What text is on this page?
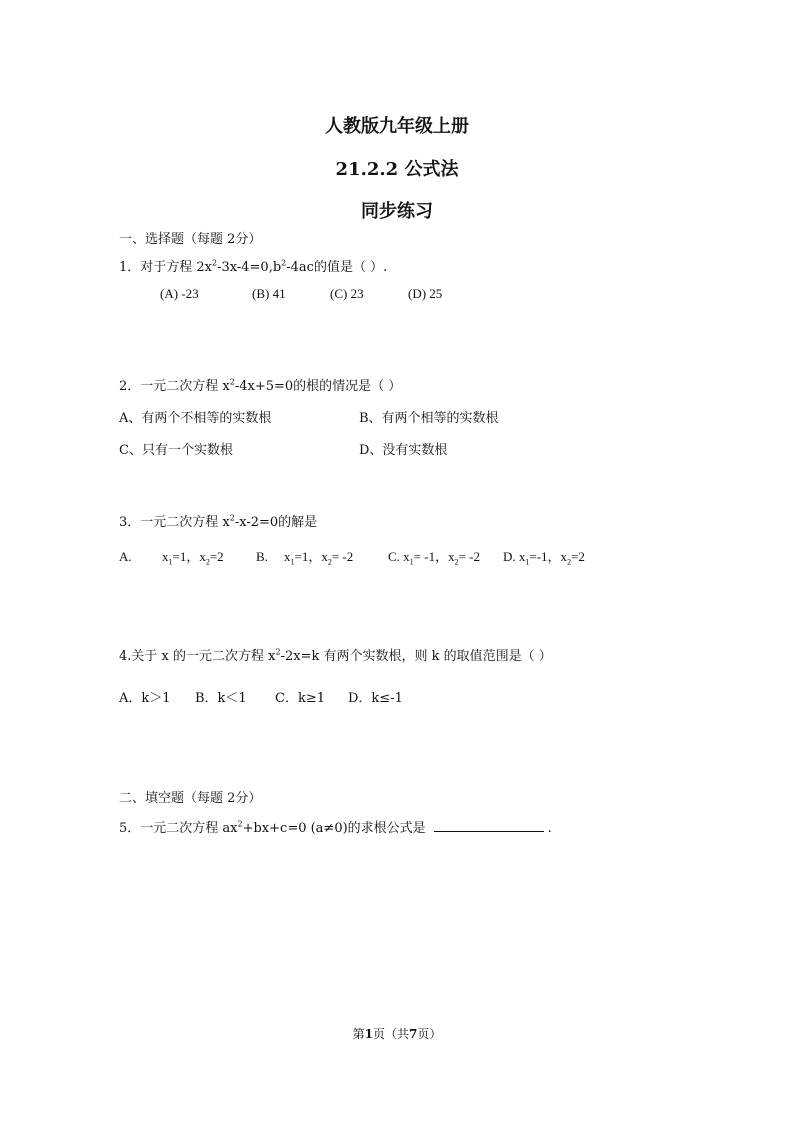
人教版九年级上册
21.2.2 公式法
同步练习
一、选择题（每题 2分）
1．对于方程 $2x^2-3x-4=0,b^2-4ac$的值是（ ）.
(A) -23	(B) 41	(C) 23	(D) 25
2．一元二次方程 $x^2-4x+5=0$的根的情况是（ ）
A、有两个不相等的实数根	B、有两个相等的实数根
C、只有一个实数根	D、没有实数根
3．一元二次方程 $x^2-x-2=0$的解是
A. $x_1=1$，$x_2=2$ B. $x_1=1$，$x_2= -2$	C. $x_1= -1$，$x_2= -2$ D. $x_1=-1$，$x_2=2$
4.关于 x 的一元二次方程 $x^2-2x=k$ 有两个实数根，则 k 的取值范围是（ ）
A．k＞1 B．k＜1 C．k≥1 D．k≤-1
二、填空题（每题 2分）
5．一元二次方程 $ax^2+bx+c=0$ (a≠0)的求根公式是	.
第1页（共7页）
